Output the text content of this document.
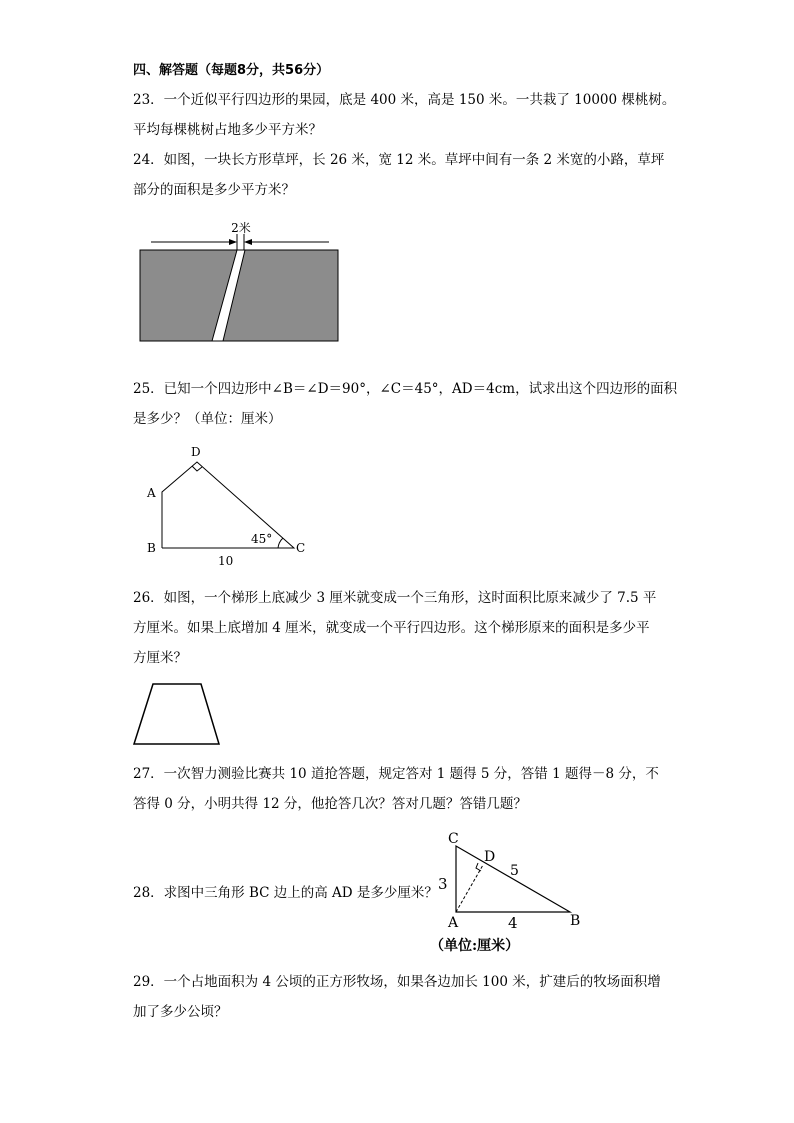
四、解答题（每题8分，共56分）
23．一个近似平行四边形的果园，底是 400 米，高是 150 米。一共栽了 10000 棵桃树。
平均每棵桃树占地多少平方米？
24．如图，一块长方形草坪，长 26 米，宽 12 米。草坪中间有一条 2 米宽的小路，草坪
部分的面积是多少平方米？
2米
25．已知一个四边形中∠B＝∠D＝90°，∠C＝45°，AD＝4cm，试求出这个四边形的面积
是多少？（单位：厘米）
D
A
B	C
45°
10
26．如图，一个梯形上底减少 3 厘米就变成一个三角形，这时面积比原来减少了 7.5 平
方厘米。如果上底增加 4 厘米，就变成一个平行四边形。这个梯形原来的面积是多少平
方厘米？
27．一次智力测验比赛共 10 道抢答题，规定答对 1 题得 5 分，答错 1 题得－8 分，不
答得 0 分，小明共得 12 分，他抢答几次？答对几题？答错几题？
28．求图中三角形 BC 边上的高 AD 是多少厘米？
C
D
5
3
A	4	B
（单位:厘米）
29．一个占地面积为 4 公顷的正方形牧场，如果各边加长 100 米，扩建后的牧场面积增
加了多少公顷？
